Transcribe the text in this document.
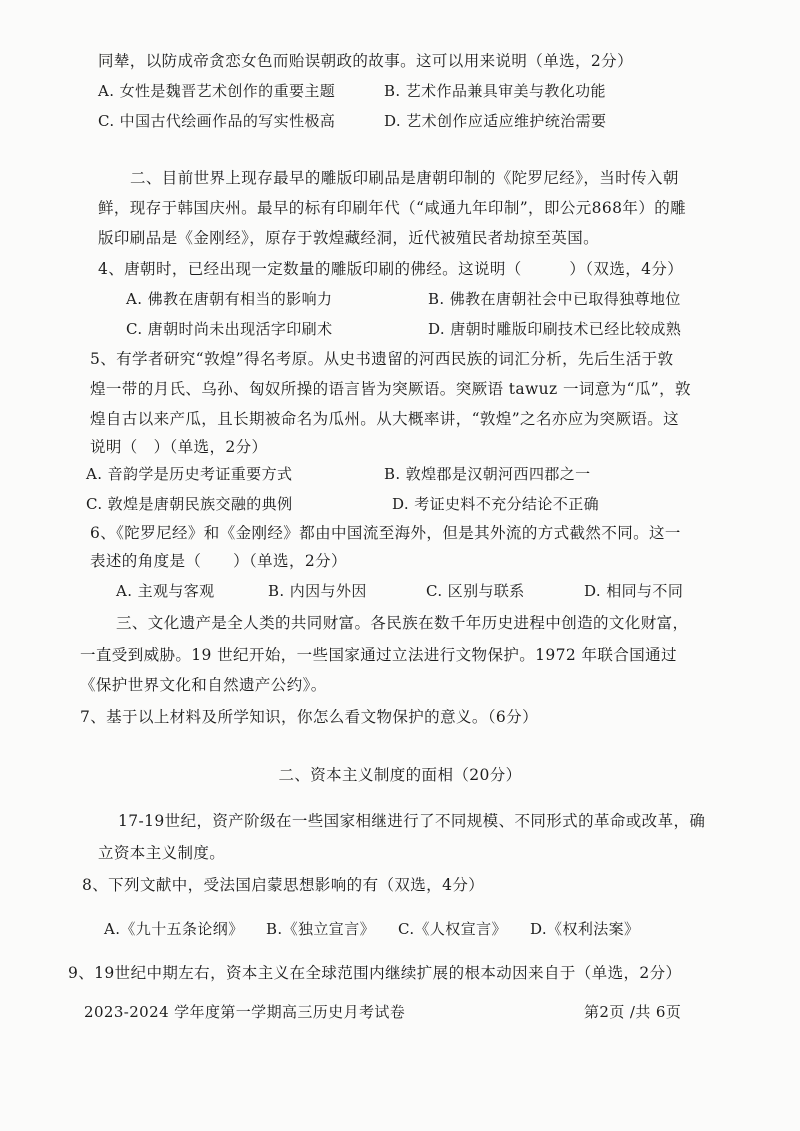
同辇，以防成帝贪恋女色而贻误朝政的故事。这可以用来说明（单选，2分）
A. 女性是魏晋艺术创作的重要主题	B. 艺术作品兼具审美与教化功能
C. 中国古代绘画作品的写实性极高	D. 艺术创作应适应维护统治需要
二、目前世界上现存最早的雕版印刷品是唐朝印制的《陀罗尼经》，当时传入朝
鲜，现存于韩国庆州。最早的标有印刷年代（“咸通九年印制”，即公元868年）的雕
版印刷品是《金刚经》，原存于敦煌藏经洞，近代被殖民者劫掠至英国。
4、唐朝时，已经出现一定数量的雕版印刷的佛经。这说明（　　　）（双选，4分）
A. 佛教在唐朝有相当的影响力	B. 佛教在唐朝社会中已取得独尊地位
C. 唐朝时尚未出现活字印刷术	D. 唐朝时雕版印刷技术已经比较成熟
5、有学者研究“敦煌”得名考原。从史书遗留的河西民族的词汇分析，先后生活于敦
煌一带的月氏、乌孙、匈奴所操的语言皆为突厥语。突厥语 tawuz 一词意为“瓜”，敦
煌自古以来产瓜，且长期被命名为瓜州。从大概率讲，“敦煌”之名亦应为突厥语。这
说明（　）（单选，2分）
A. 音韵学是历史考证重要方式	B. 敦煌郡是汉朝河西四郡之一
C. 敦煌是唐朝民族交融的典例	D. 考证史料不充分结论不正确
6、《陀罗尼经》和《金刚经》都由中国流至海外，但是其外流的方式截然不同。这一
表述的角度是（　　）（单选，2分）
A. 主观与客观	B. 内因与外因	C. 区别与联系	D. 相同与不同
三、文化遗产是全人类的共同财富。各民族在数千年历史进程中创造的文化财富，
一直受到威胁。19 世纪开始，一些国家通过立法进行文物保护。1972 年联合国通过
《保护世界文化和自然遗产公约》。
7、基于以上材料及所学知识，你怎么看文物保护的意义。（6分）
二、资本主义制度的面相（20分）
17-19世纪，资产阶级在一些国家相继进行了不同规模、不同形式的革命或改革，确
立资本主义制度。
8、下列文献中，受法国启蒙思想影响的有（双选，4分）
A.《九十五条论纲》 B.《独立宣言》 C.《人权宣言》 D.《权利法案》
9、19世纪中期左右，资本主义在全球范围内继续扩展的根本动因来自于（单选，2分）
2023-2024 学年度第一学期高三历史月考试卷	第2页 /共 6页
